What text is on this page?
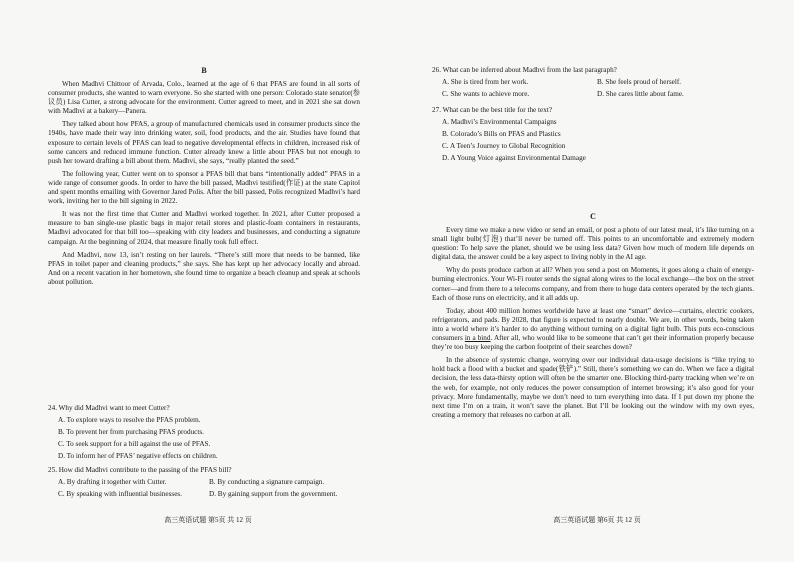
B

When Madhvi Chittoor of Arvada, Colo., learned at the age of 6 that PFAS are found in all sorts of consumer products, she wanted to warn everyone. So she started with one person: Colorado state senator(参议员) Lisa Cutter, a strong advocate for the environment. Cutter agreed to meet, and in 2021 she sat down with Madhvi at a bakery—Panera.

They talked about how PFAS, a group of manufactured chemicals used in consumer products since the 1940s, have made their way into drinking water, soil, food products, and the air. Studies have found that exposure to certain levels of PFAS can lead to negative developmental effects in children, increased risk of some cancers and reduced immune function. Cutter already knew a little about PFAS but not enough to push her toward drafting a bill about them. Madhvi, she says, “really planted the seed.”

The following year, Cutter went on to sponsor a PFAS bill that bans “intentionally added” PFAS in a wide range of consumer goods. In order to have the bill passed, Madhvi testified(作证) at the state Capitol and spent months emailing with Governor Jared Polis. After the bill passed, Polis recognized Madhvi’s hard work, inviting her to the bill signing in 2022.

It was not the first time that Cutter and Madhvi worked together. In 2021, after Cutter proposed a measure to ban single-use plastic bags in major retail stores and plastic-foam containers in restaurants, Madhvi advocated for that bill too—speaking with city leaders and businesses, and conducting a signature campaign. At the beginning of 2024, that measure finally took full effect.

And Madhvi, now 13, isn’t resting on her laurels. “There’s still more that needs to be banned, like PFAS in toilet paper and cleaning products,” she says. She has kept up her advocacy locally and abroad. And on a recent vacation in her hometown, she found time to organize a beach cleanup and speak at schools about pollution.

24. Why did Madhvi want to meet Cutter?

A. To explore ways to resolve the PFAS problem.

B. To prevent her from purchasing PFAS products.

C. To seek support for a bill against the use of PFAS.

D. To inform her of PFAS’ negative effects on children.

25. How did Madhvi contribute to the passing of the PFAS bill?

A. By drafting it together with Cutter.	B. By conducting a signature campaign.
C. By speaking with influential businesses.	D. By gaining support from the government.
高三英语试题 第5页 共 12 页

26. What can be inferred about Madhvi from the last paragraph?

A. She is tired from her work.	B. She feels proud of herself.
C. She wants to achieve more.	D. She cares little about fame.

27. What can be the best title for the text?

A. Madhvi’s Environmental Campaigns

B. Colorado’s Bills on PFAS and Plastics

C. A Teen’s Journey to Global Recognition

D. A Young Voice against Environmental Damage

C

Every time we make a new video or send an email, or post a photo of our latest meal, it’s like turning on a small light bulb(灯泡) that’ll never be turned off. This points to an uncomfortable and extremely modern question: To help save the planet, should we be using less data? Given how much of modern life depends on digital data, the answer could be a key aspect to living nobly in the AI age.

Why do posts produce carbon at all? When you send a post on Moments, it goes along a chain of energy-burning electronics. Your Wi-Fi router sends the signal along wires to the local exchange—the box on the street corner—and from there to a telecoms company, and from there to huge data centers operated by the tech giants. Each of those runs on electricity, and it all adds up.

Today, about 400 million homes worldwide have at least one “smart” device—curtains, electric cookers, refrigerators, and pads. By 2028, that figure is expected to nearly double. We are, in other words, being taken into a world where it’s harder to do anything without turning on a digital light bulb. This puts eco-conscious consumers in a bind. After all, who would like to be someone that can’t get their information properly because they’re too busy keeping the carbon footprint of their searches down?

In the absence of systemic change, worrying over our individual data-usage decisions is “like trying to hold back a flood with a bucket and spade(铁铲).” Still, there’s something we can do. When we face a digital decision, the less data-thirsty option will often be the smarter one. Blocking third-party tracking when we’re on the web, for example, not only reduces the power consumption of internet browsing; it’s also good for your privacy. More fundamentally, maybe we don’t need to turn everything into data. If I put down my phone the next time I’m on a train, it won’t save the planet. But I’ll be looking out the window with my own eyes, creating a memory that releases no carbon at all.

高三英语试题 第6页 共 12 页
